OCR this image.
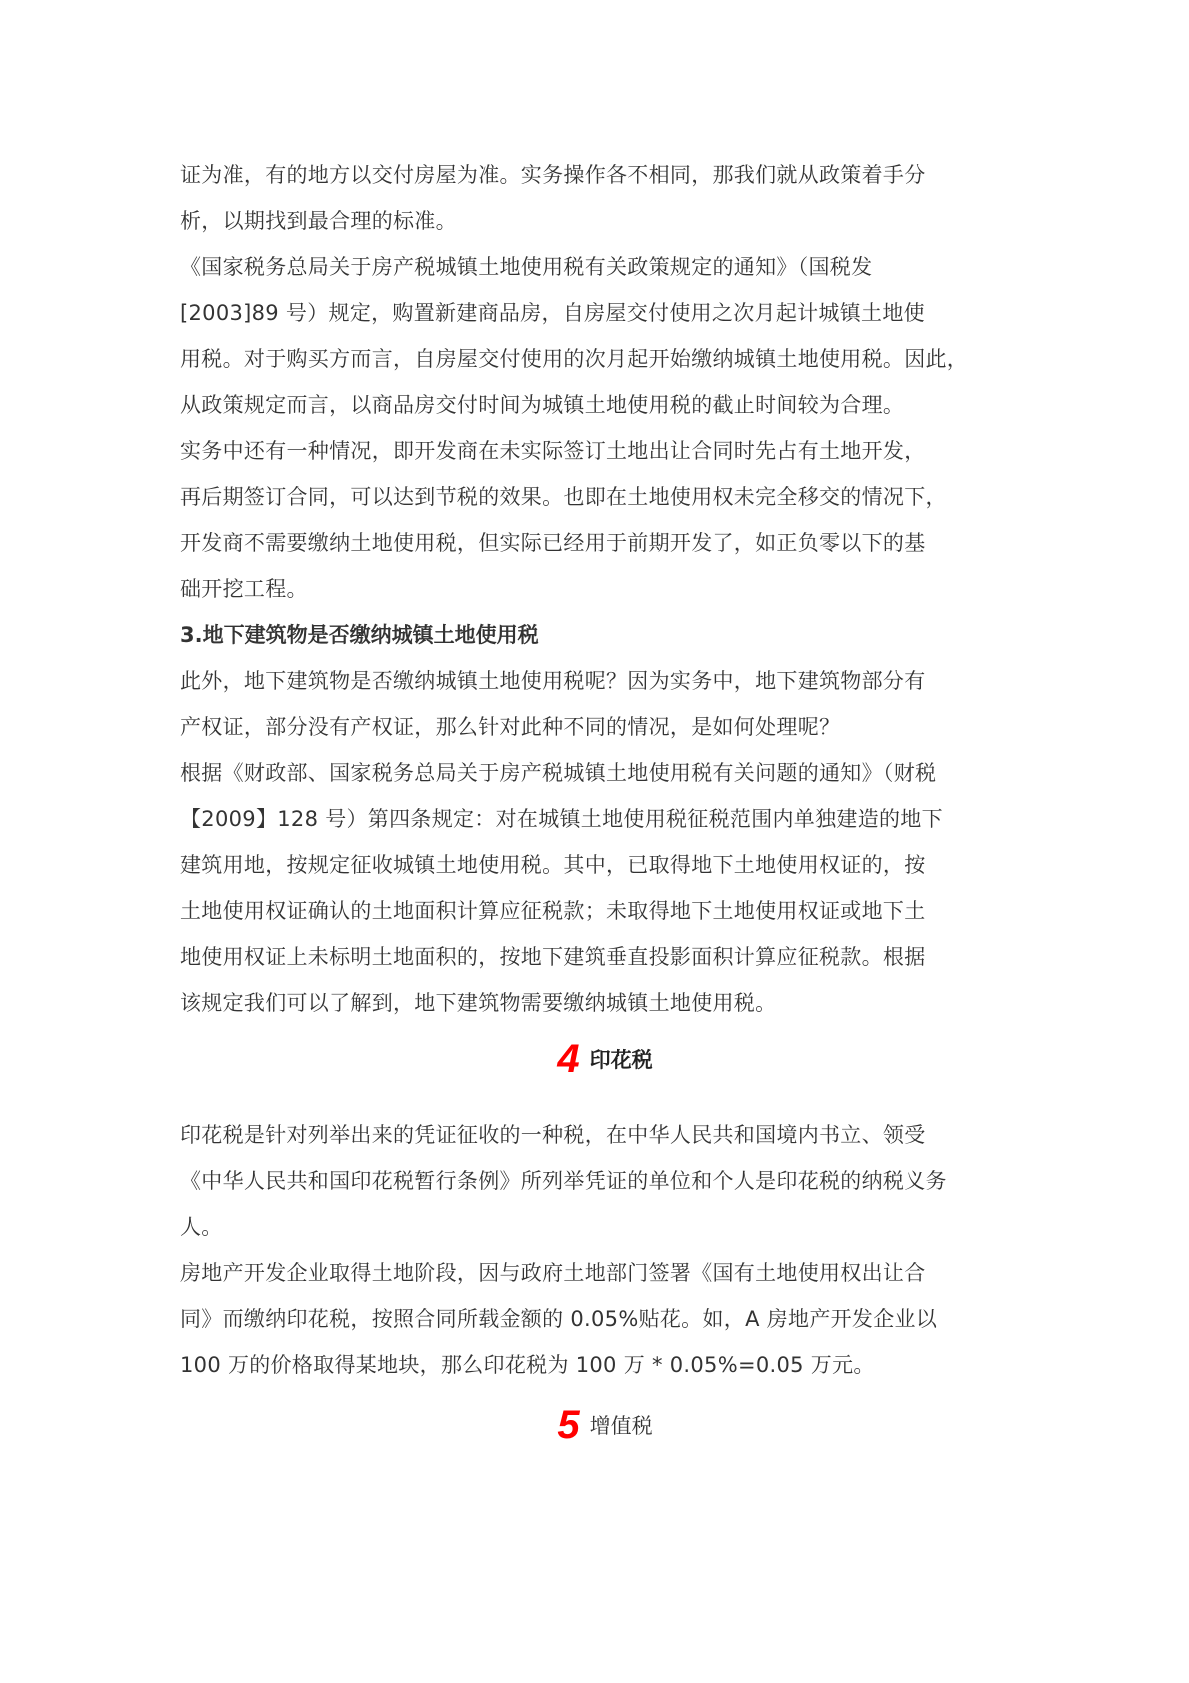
证为准，有的地方以交付房屋为准。实务操作各不相同，那我们就从政策着手分
析，以期找到最合理的标准。
《国家税务总局关于房产税城镇土地使用税有关政策规定的通知》（国税发
[2003]89 号）规定，购置新建商品房，自房屋交付使用之次月起计城镇土地使
用税。对于购买方而言，自房屋交付使用的次月起开始缴纳城镇土地使用税。因此，
从政策规定而言，以商品房交付时间为城镇土地使用税的截止时间较为合理。
实务中还有一种情况，即开发商在未实际签订土地出让合同时先占有土地开发，
再后期签订合同，可以达到节税的效果。也即在土地使用权未完全移交的情况下，
开发商不需要缴纳土地使用税，但实际已经用于前期开发了，如正负零以下的基
础开挖工程。
3.地下建筑物是否缴纳城镇土地使用税
此外，地下建筑物是否缴纳城镇土地使用税呢？因为实务中，地下建筑物部分有
产权证，部分没有产权证，那么针对此种不同的情况，是如何处理呢？
根据《财政部、国家税务总局关于房产税城镇土地使用税有关问题的通知》（财税
【2009】128 号）第四条规定：对在城镇土地使用税征税范围内单独建造的地下
建筑用地，按规定征收城镇土地使用税。其中，已取得地下土地使用权证的，按
土地使用权证确认的土地面积计算应征税款；未取得地下土地使用权证或地下土
地使用权证上未标明土地面积的，按地下建筑垂直投影面积计算应征税款。根据
该规定我们可以了解到，地下建筑物需要缴纳城镇土地使用税。
4 印花税
印花税是针对列举出来的凭证征收的一种税，在中华人民共和国境内书立、领受
《中华人民共和国印花税暂行条例》所列举凭证的单位和个人是印花税的纳税义务
人。
房地产开发企业取得土地阶段，因与政府土地部门签署《国有土地使用权出让合
同》而缴纳印花税，按照合同所载金额的 0.05%贴花。如，A 房地产开发企业以
100 万的价格取得某地块，那么印花税为 100 万 * 0.05%=0.05 万元。
5 增值税
